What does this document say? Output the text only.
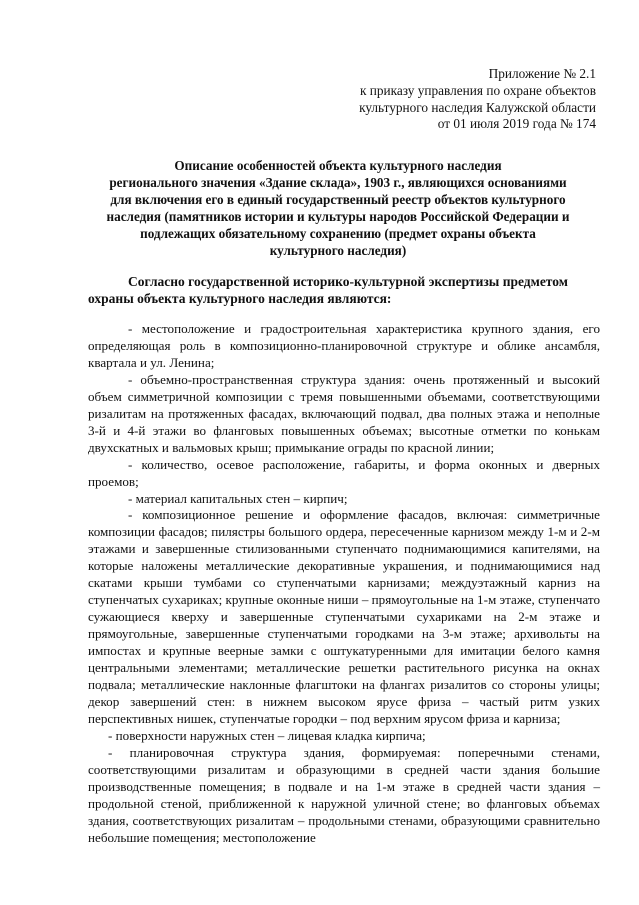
Приложение № 2.1
к приказу управления по охране объектов
культурного наследия Калужской области
от 01 июля 2019 года № 174
Описание особенностей объекта культурного наследия
регионального значения «Здание склада», 1903 г., являющихся основаниями
для включения его в единый государственный реестр объектов культурного
наследия (памятников истории и культуры народов Российской Федерации и
подлежащих обязательному сохранению (предмет охраны объекта
культурного наследия)
Согласно государственной историко-культурной экспертизы предметом
охраны объекта культурного наследия являются:

- местоположение и градостроительная характеристика крупного здания, его определяющая роль в композиционно-планировочной структуре и облике ансамбля, квартала и ул. Ленина;

- объемно-пространственная структура здания: очень протяженный и высокий объем симметричной композиции с тремя повышенными объемами, соответствующими ризалитам на протяженных фасадах, включающий подвал, два полных этажа и неполные 3-й и 4-й этажи во фланговых повышенных объемах; высотные отметки по конькам двухскатных и вальмовых крыш; примыкание ограды по красной линии;

- количество, осевое расположение, габариты, и форма оконных и дверных проемов;

- материал капитальных стен – кирпич;

- композиционное решение и оформление фасадов, включая: симметричные композиции фасадов; пилястры большого ордера, пересеченные карнизом между 1-м и 2-м этажами и завершенные стилизованными ступенчато поднимающимися капителями, на которые наложены металлические декоративные украшения, и поднимающимися над скатами крыши тумбами со ступенчатыми карнизами; междуэтажный карниз на ступенчатых сухариках; крупные оконные ниши – прямоугольные на 1-м этаже, ступенчато сужающиеся кверху и завершенные ступенчатыми сухариками на 2-м этаже и прямоугольные, завершенные ступенчатыми городками на 3-м этаже; архивольты на импостах и крупные веерные замки с оштукатуренными для имитации белого камня центральными элементами; металлические решетки растительного рисунка на окнах подвала; металлические наклонные флагштоки на флангах ризалитов со стороны улицы; декор завершений стен: в нижнем высоком ярусе фриза – частый ритм узких перспективных нишек, ступенчатые городки – под верхним ярусом фриза и карниза;

- поверхности наружных стен – лицевая кладка кирпича;

- планировочная структура здания, формируемая: поперечными стенами, соответствующими ризалитам и образующими в средней части здания большие производственные помещения; в подвале и на 1-м этаже в средней части здания – продольной стеной, приближенной к наружной уличной стене; во фланговых объемах здания, соответствующих ризалитам – продольными стенами, образующими сравнительно небольшие помещения; местоположение
